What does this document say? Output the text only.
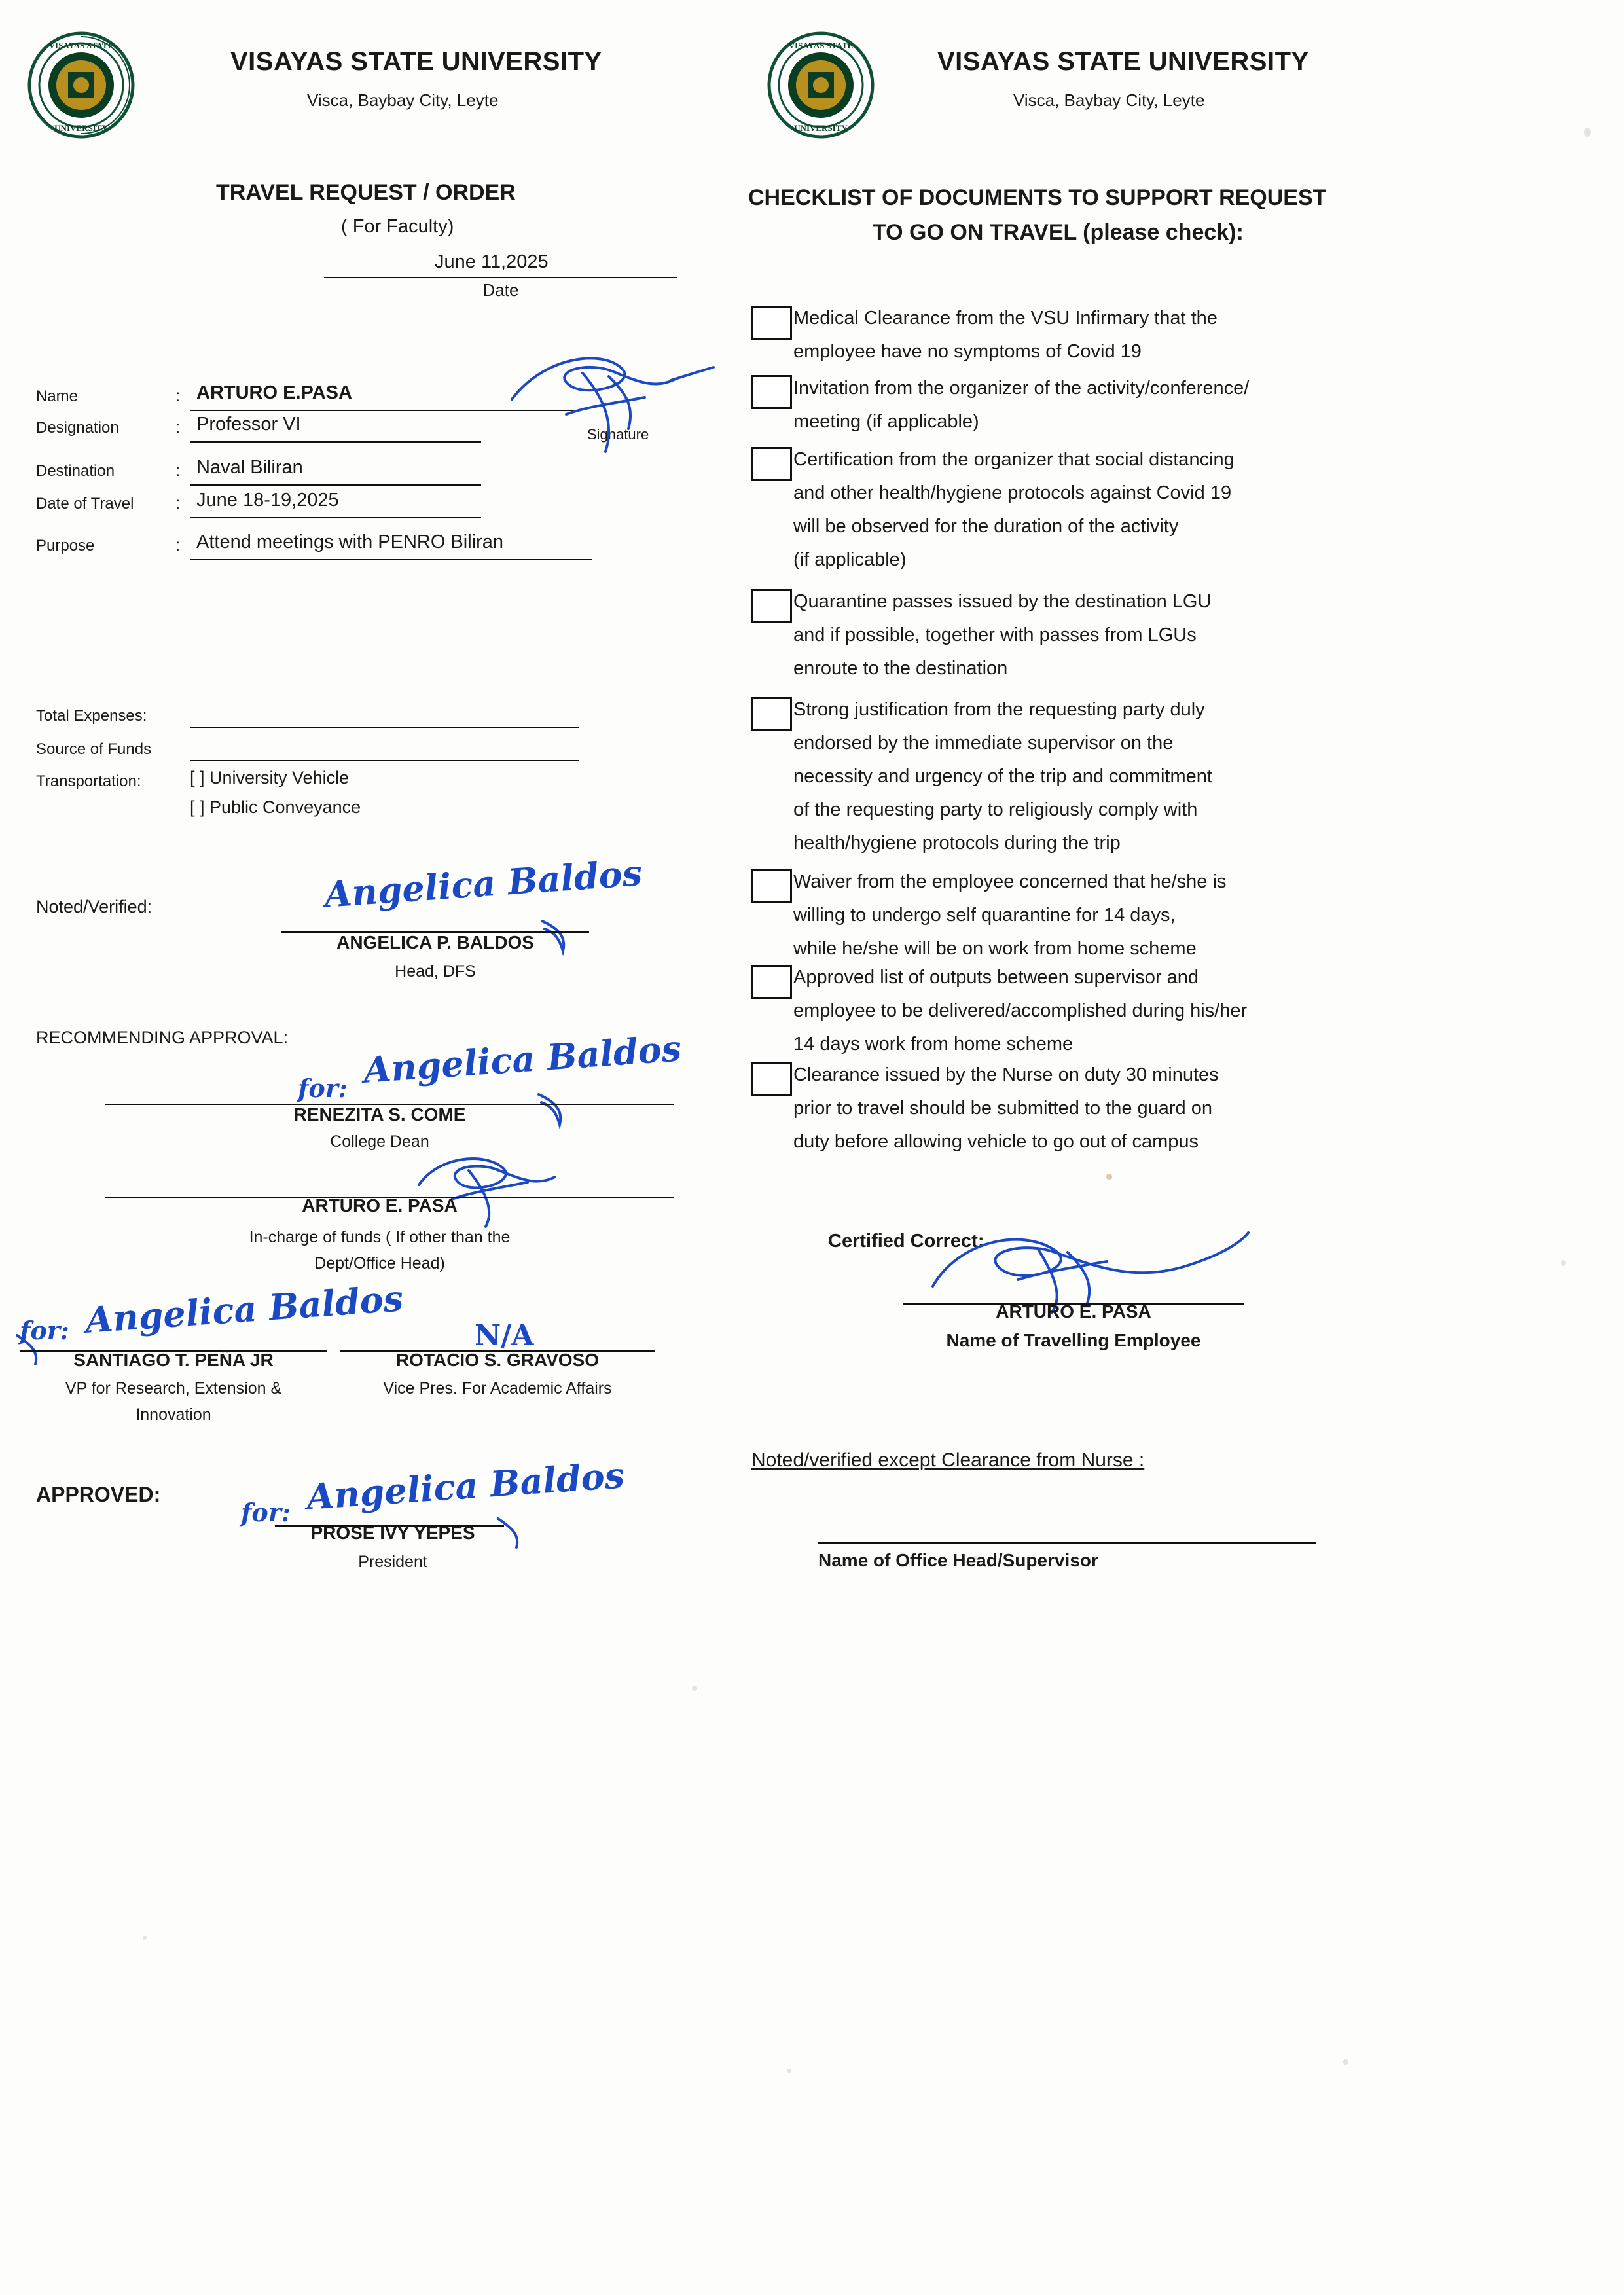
VISAYAS STATE
UNIVERSITY
VISAYAS STATE UNIVERSITY
Visca, Baybay City, Leyte
TRAVEL REQUEST / ORDER
( For Faculty)
June 11,2025
Date
Name	: ARTURO E.PASA
Designation	: Professor VI
Destination	: Naval Biliran
Date of Travel : June 18-19,2025
Purpose	: Attend meetings with PENRO Biliran
Signature
Total Expenses:
Source of Funds
Transportation:	[ ] University Vehicle
[ ] Public Conveyance
Noted/Verified:	Angelica Baldos
ANGELICA P. BALDOS
Head, DFS
RECOMMENDING APPROVAL:
for: Angelica Baldos
RENEZITA S. COME
College Dean
ARTURO E. PASA
In-charge of funds ( If other than the
Dept/Office Head)
for: Angelica Baldos
SANTIAGO T. PEÑA JR
VP for Research, Extension &
Innovation
N/A
ROTACIO S. GRAVOSO
Vice Pres. For Academic Affairs
APPROVED:
for: Angelica Baldos
PROSE IVY YEPES
President
VISAYAS STATE
UNIVERSITY
VISAYAS STATE UNIVERSITY
Visca, Baybay City, Leyte
CHECKLIST OF DOCUMENTS TO SUPPORT REQUEST
TO GO ON TRAVEL (please check):
Medical Clearance from the VSU Infirmary that the
employee have no symptoms of Covid 19
Invitation from the organizer of the activity/conference/
meeting (if applicable)
Certification from the organizer that social distancing
and other health/hygiene protocols against Covid 19
will be observed for the duration of the activity
(if applicable)
Quarantine passes issued by the destination LGU
and if possible, together with passes from LGUs
enroute to the destination
Strong justification from the requesting party duly
endorsed by the immediate supervisor on the
necessity and urgency of the trip and commitment
of the requesting party to religiously comply with
health/hygiene protocols during the trip
Waiver from the employee concerned that he/she is
willing to undergo self quarantine for 14 days,
while he/she will be on work from home scheme
Approved list of outputs between supervisor and
employee to be delivered/accomplished during his/her
14 days work from home scheme
Clearance issued by the Nurse on duty 30 minutes
prior to travel should be submitted to the guard on
duty before allowing vehicle to go out of campus
Certified Correct:
ARTURO E. PASA
Name of Travelling Employee
Noted/verified except Clearance from Nurse :
Name of Office Head/Supervisor
